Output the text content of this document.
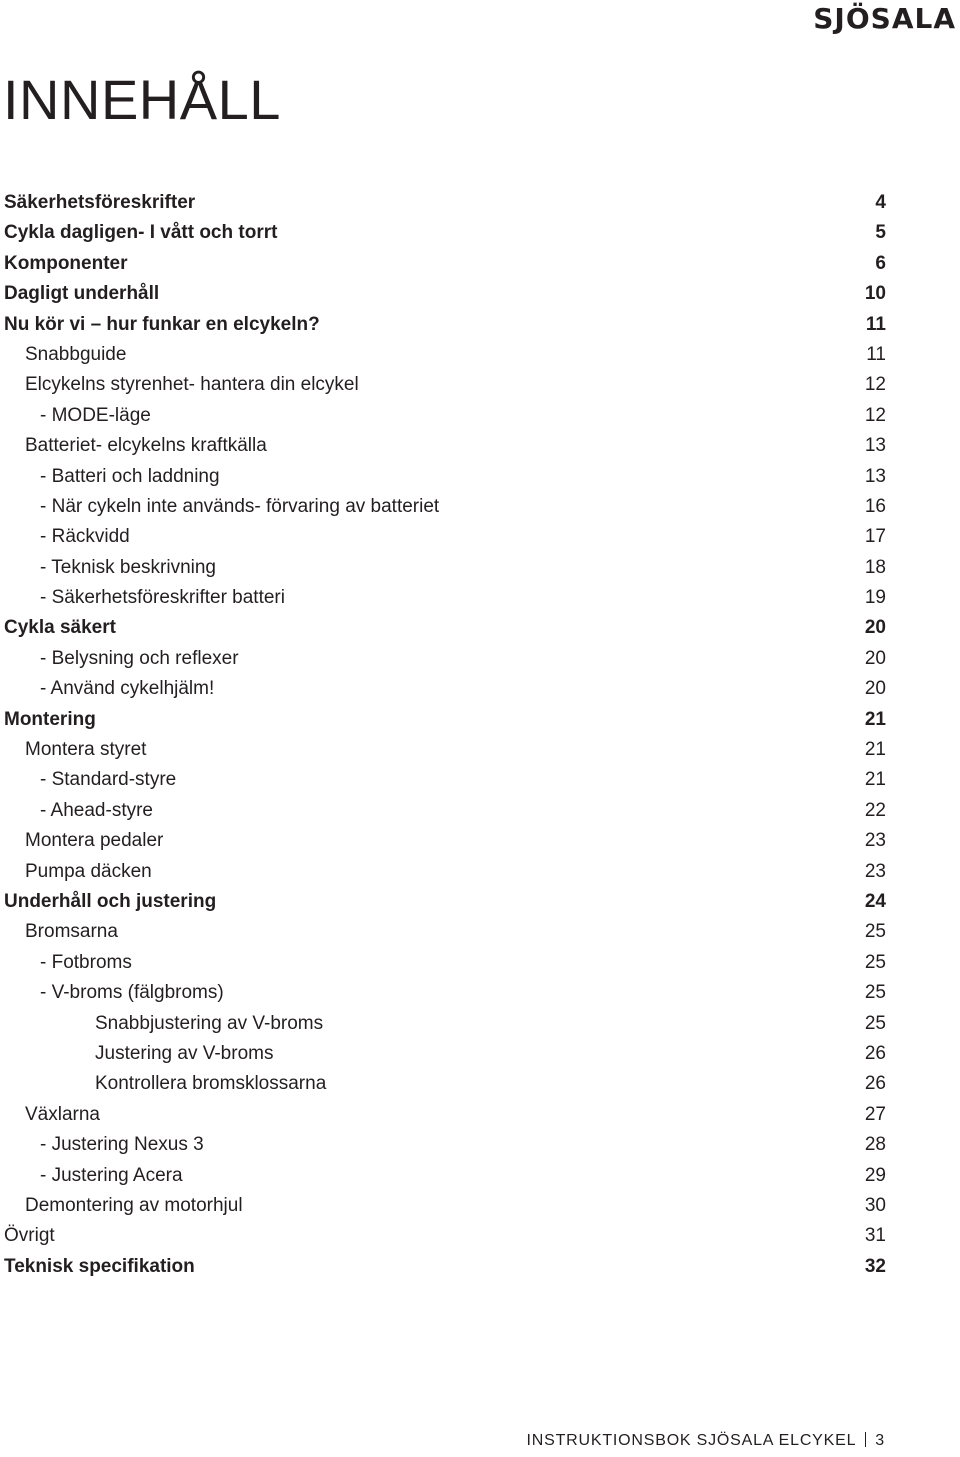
SJÖSALA
INNEHÅLL
Säkerhetsföreskrifter	4
Cykla dagligen- I vått och torrt	5
Komponenter	6
Dagligt underhåll	10
Nu kör vi – hur funkar en elcykeln?	11
Snabbguide	11
Elcykelns styrenhet- hantera din elcykel	12
- MODE-läge	12
Batteriet- elcykelns kraftkälla	13
- Batteri och laddning	13
- När cykeln inte används- förvaring av batteriet	16
- Räckvidd	17
- Teknisk beskrivning	18
- Säkerhetsföreskrifter batteri	19
Cykla säkert	20
- Belysning och reflexer	20
- Använd cykelhjälm!	20
Montering	21
Montera styret	21
- Standard-styre	21
- Ahead-styre	22
Montera pedaler	23
Pumpa däcken	23
Underhåll och justering	24
Bromsarna	25
- Fotbroms	25
- V-broms (fälgbroms)	25
Snabbjustering av V-broms	25
Justering av V-broms	26
Kontrollera bromsklossarna	26
Växlarna	27
- Justering Nexus 3	28
- Justering Acera	29
Demontering av motorhjul	30
Övrigt	31
Teknisk specifikation	32
INSTRUKTIONSBOK SJÖSALA ELCYKEL 3
